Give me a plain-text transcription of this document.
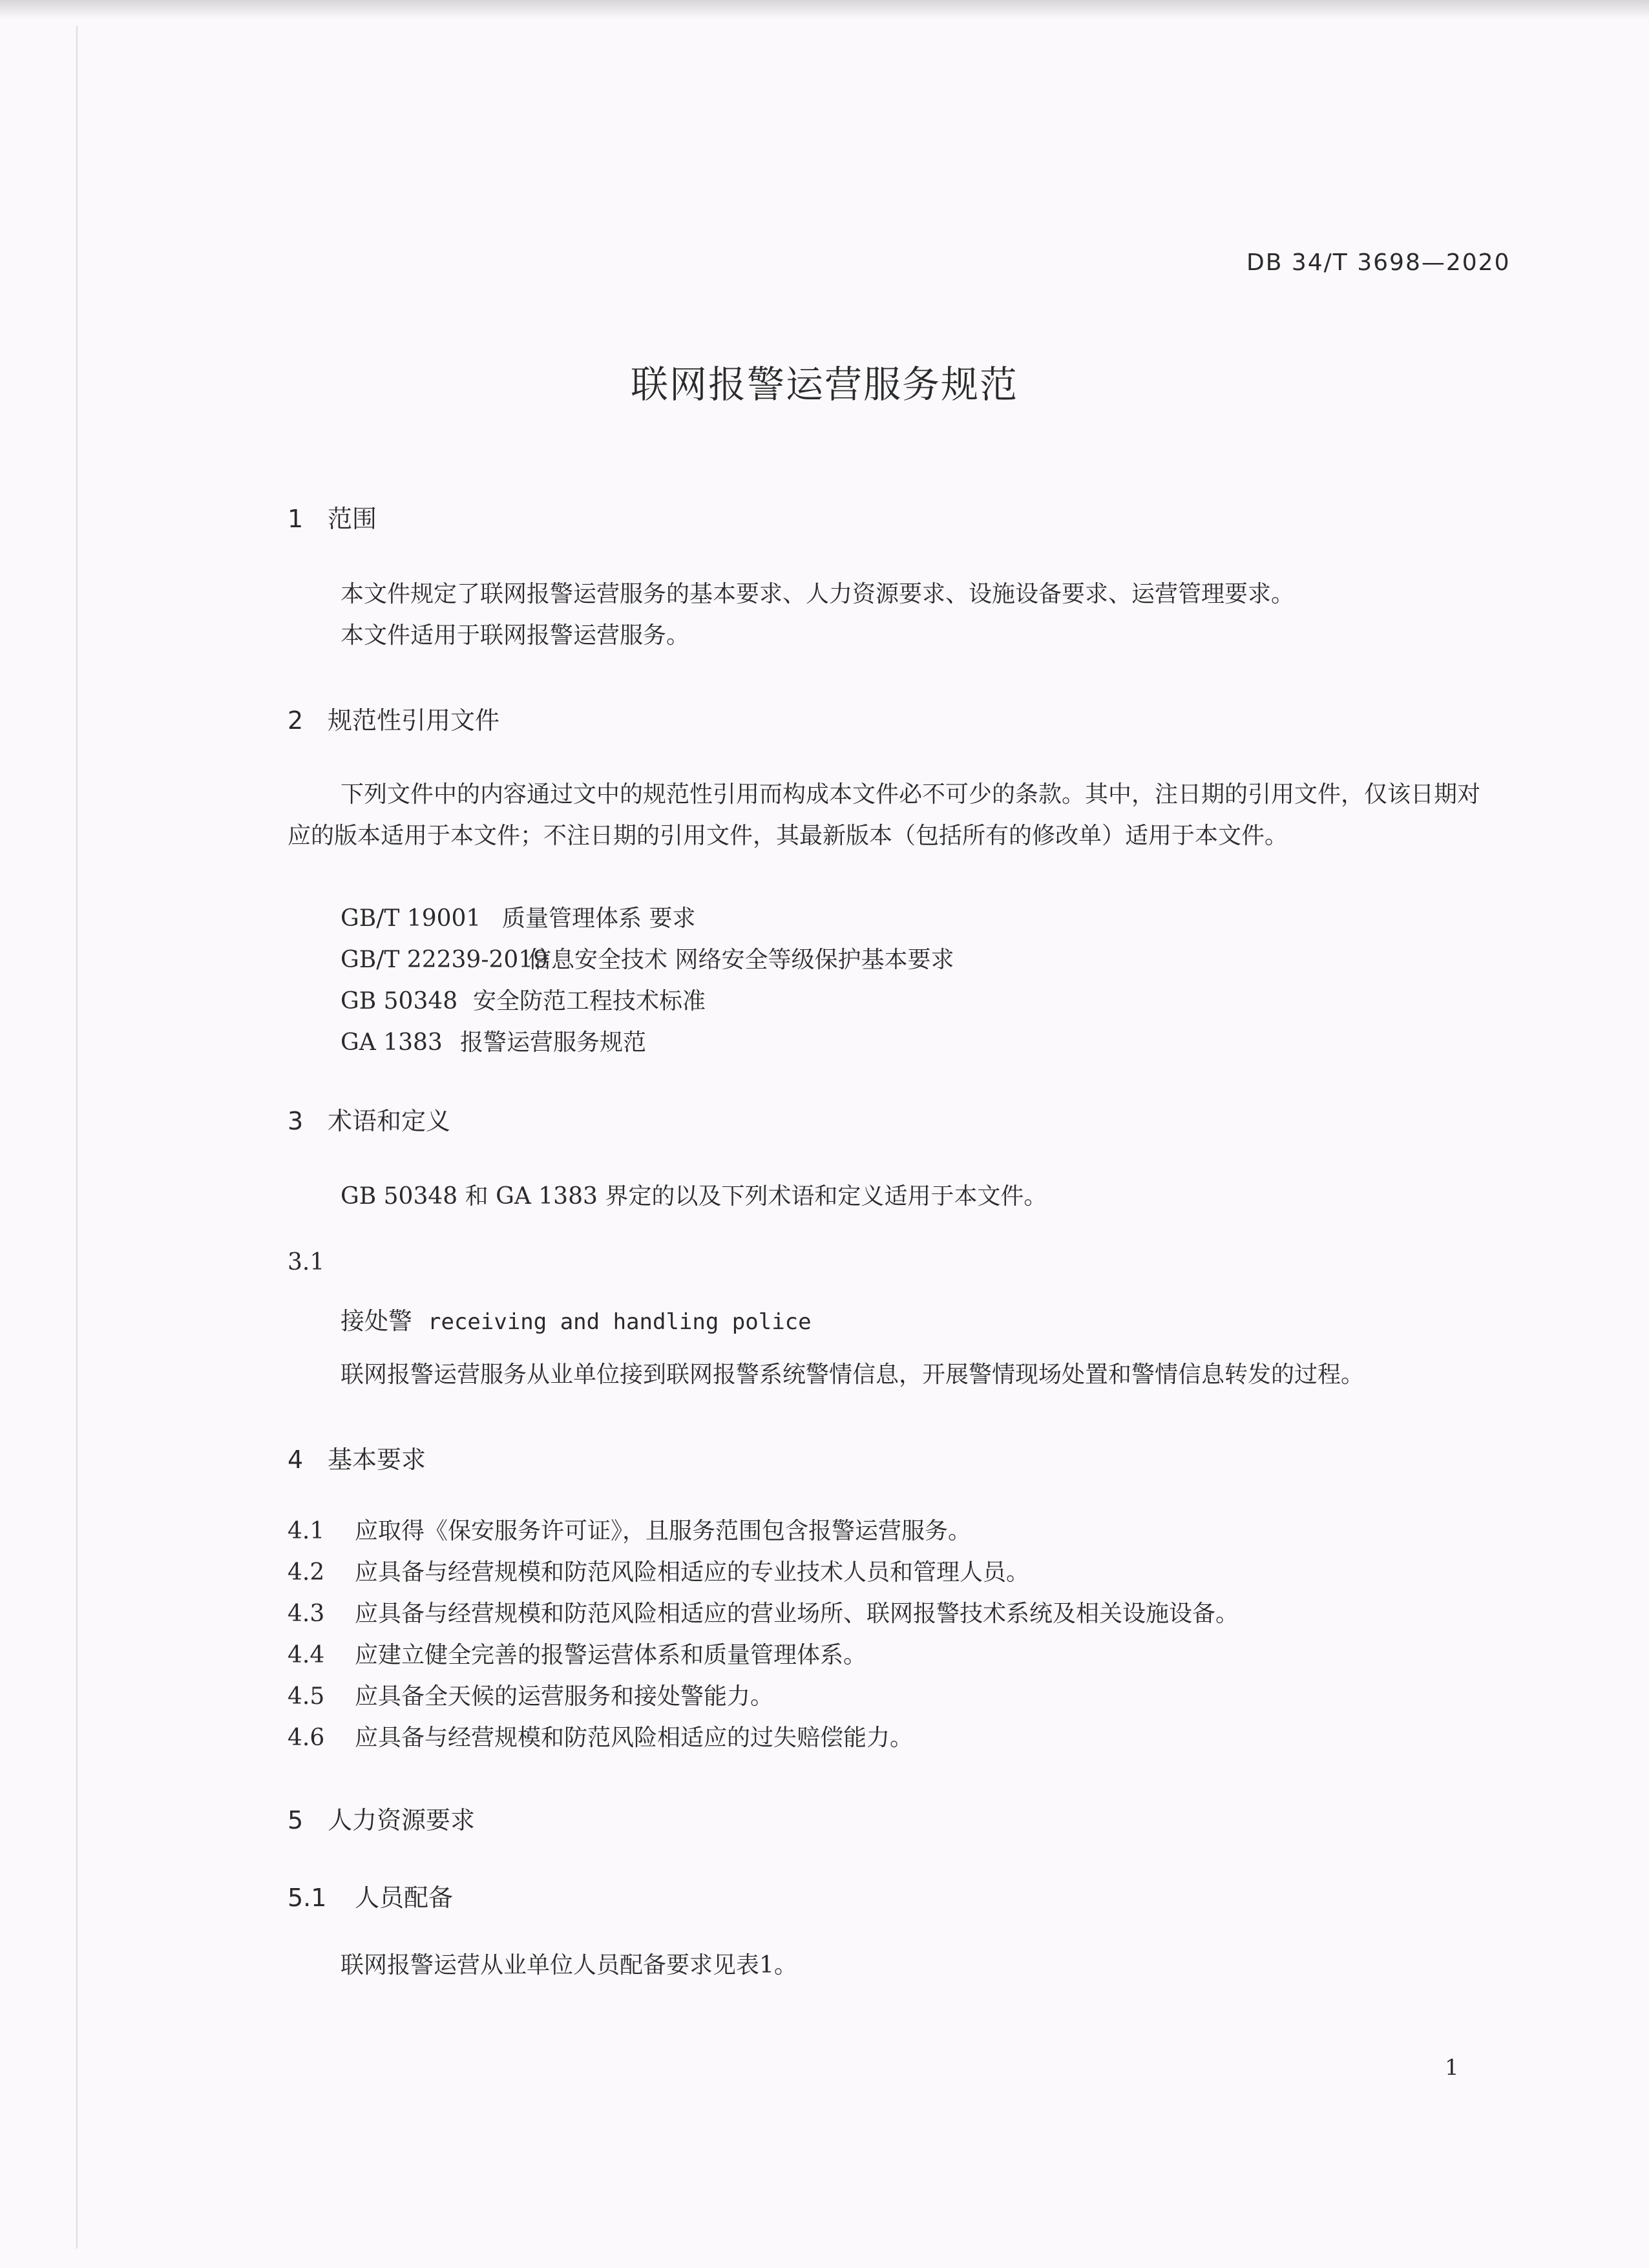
DB 34/T 3698—2020
联网报警运营服务规范
1 范围
本文件规定了联网报警运营服务的基本要求、人力资源要求、设施设备要求、运营管理要求。
本文件适用于联网报警运营服务。
2 规范性引用文件
下列文件中的内容通过文中的规范性引用而构成本文件必不可少的条款。其中，注日期的引用文件，仅该日期对应的版本适用于本文件；不注日期的引用文件，其最新版本（包括所有的修改单）适用于本文件。
GB/T 19001 质量管理体系 要求
GB/T 22239-2019信息安全技术 网络安全等级保护基本要求
GB 50348 安全防范工程技术标准
GA 1383 报警运营服务规范
3 术语和定义
GB 50348 和 GA 1383 界定的以及下列术语和定义适用于本文件。
3.1
接处警 receiving and handling police
联网报警运营服务从业单位接到联网报警系统警情信息，开展警情现场处置和警情信息转发的过程。
4 基本要求
4.1 应取得《保安服务许可证》，且服务范围包含报警运营服务。
4.2 应具备与经营规模和防范风险相适应的专业技术人员和管理人员。
4.3 应具备与经营规模和防范风险相适应的营业场所、联网报警技术系统及相关设施设备。
4.4 应建立健全完善的报警运营体系和质量管理体系。
4.5 应具备全天候的运营服务和接处警能力。
4.6 应具备与经营规模和防范风险相适应的过失赔偿能力。
5 人力资源要求
5.1 人员配备
联网报警运营从业单位人员配备要求见表1。
1
